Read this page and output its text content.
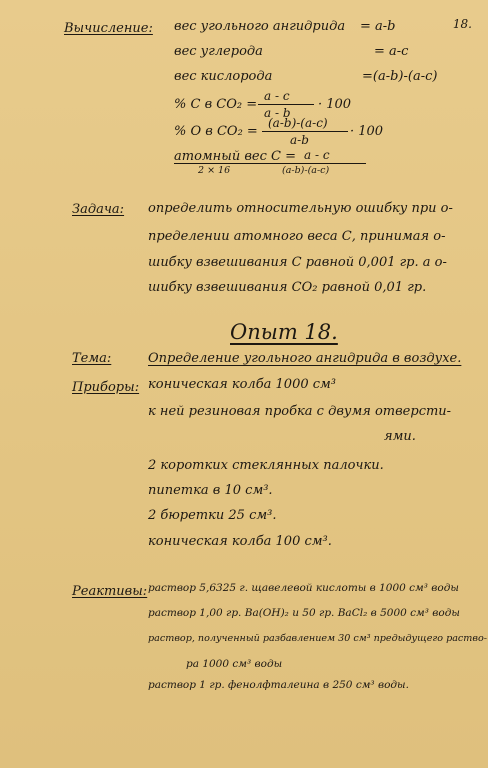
18.
Вычисление: вес угольного ангидрида = a-b
вес углерода	= a-c
вес кислорода	=(a-b)-(a-c)
% С в СО₂ =
a - c
a - b
· 100
% О в СО₂ =
(a-b)-(a-c)
a-b
· 100
атомный вес С =
2 × 16
a - c
(a-b)-(a-c)
Задача: определить относительную ошибку при о-
пределении атомного веса С, принимая о-
шибку взвешивания С равной 0,001 гр. а о-
шибку взвешивания СО₂ равной 0,01 гр.
Опыт 18.
Тема:	Определение угольного ангидрида в воздухе.
Приборы: коническая колба 1000 см³
к ней резиновая пробка с двумя отверсти-
ями.
2 коротких стеклянных палочки.
пипетка в 10 см³.
2 бюретки 25 см³.
коническая колба 100 см³.
Реактивы: раствор 5,6325 г. щавелевой кислоты в 1000 см³ воды
раствор 1,00 гр. Ba(OH)₂ и 50 гр. BaCl₂ в 5000 см³ воды
раствор, полученный разбавлением 30 см³ предыдущего раство-
ра 1000 см³ воды
раствор 1 гр. фенолфталеина в 250 см³ воды.
